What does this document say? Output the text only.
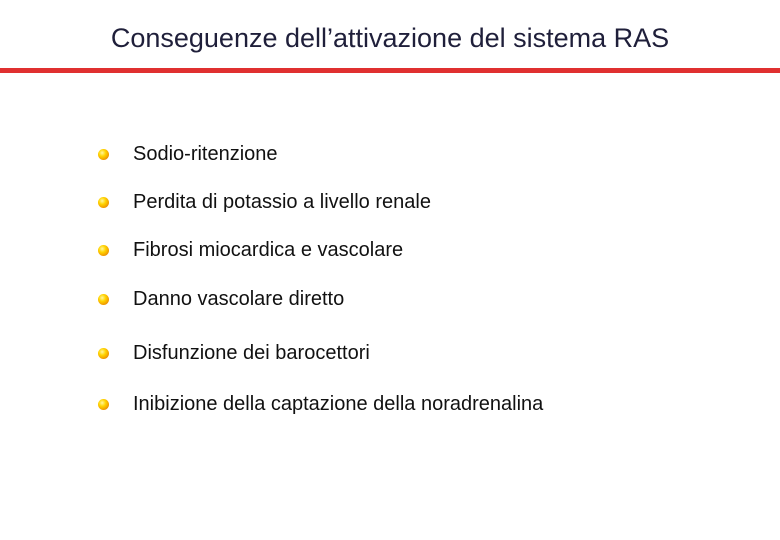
Conseguenze dell’attivazione del sistema RAS
Sodio-ritenzione
Perdita di potassio a livello renale
Fibrosi miocardica e vascolare
Danno vascolare diretto
Disfunzione dei barocettori
Inibizione della captazione della noradrenalina
